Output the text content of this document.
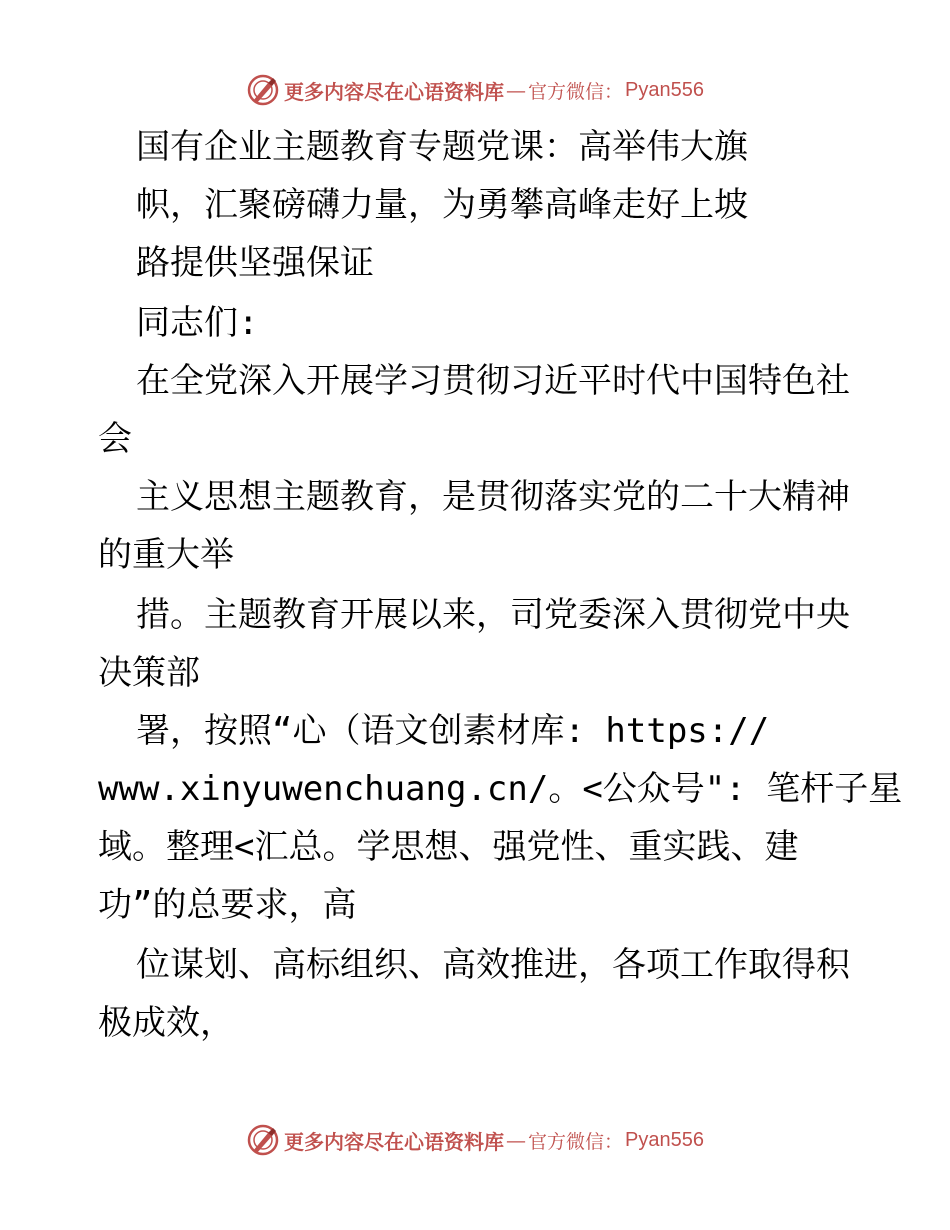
更多内容尽在心语资料库 — 官方微信： Pyan556
国有企业主题教育专题党课：高举伟大旗
帜，汇聚磅礴力量，为勇攀高峰走好上坡
路提供坚强保证
同志们:
在全党深入开展学习贯彻习近平时代中国特色社
会
主义思想主题教育，是贯彻落实党的二十大精神
的重大举
措。主题教育开展以来，司党委深入贯彻党中央
决策部
署，按照“心（语文创素材库: https://
www.xinyuwenchuang.cn/。<公众号": 笔杆子星
域。整理<汇总。学思想、强党性、重实践、建
功”的总要求，高
位谋划、高标组织、高效推进，各项工作取得积
极成效，
更多内容尽在心语资料库 — 官方微信： Pyan556
